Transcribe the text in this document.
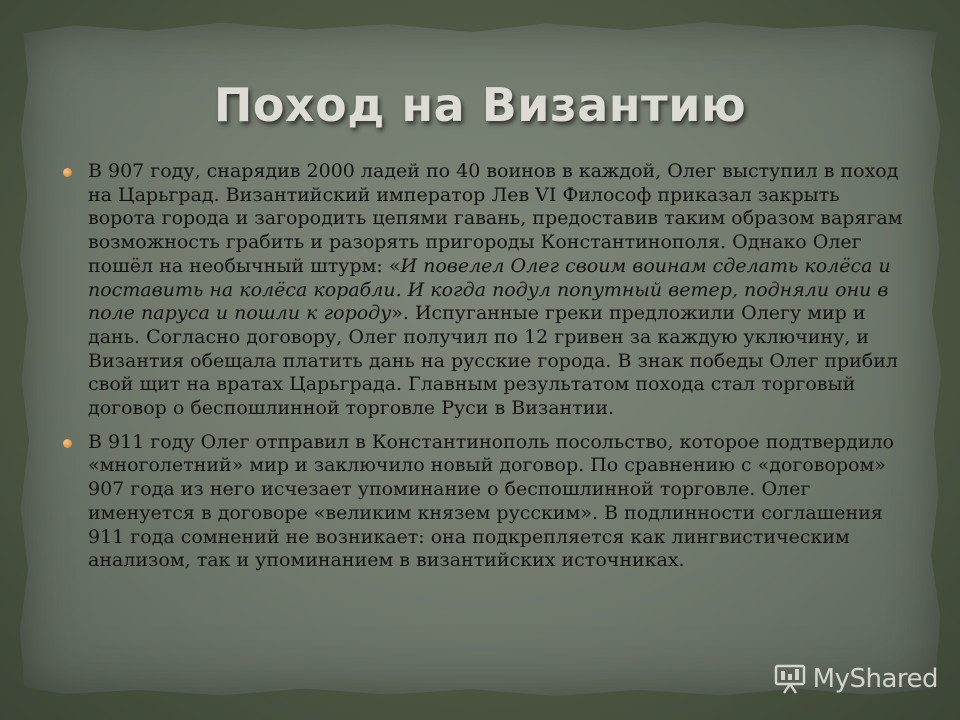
Поход на Византию
В 907 году, снарядив 2000 ладей по 40 воинов в каждой, Олег выступил в поход на Царьград. Византийский император Лев VI Философ приказал закрыть ворота города и загородить цепями гавань, предоставив таким образом варягам возможность грабить и разорять пригороды Константинополя. Однако Олег пошёл на необычный штурм: «И повелел Олег своим воинам сделать колёса и поставить на колёса корабли. И когда подул попутный ветер, подняли они в поле паруса и пошли к городу». Испуганные греки предложили Олегу мир и дань. Согласно договору, Олег получил по 12 гривен за каждую уключину, и Византия обещала платить дань на русские города. В знак победы Олег прибил свой щит на вратах Царьграда. Главным результатом похода стал торговый договор о беспошлинной торговле Руси в Византии.
В 911 году Олег отправил в Константинополь посольство, которое подтвердило «многолетний» мир и заключило новый договор. По сравнению с «договором» 907 года из него исчезает упоминание о беспошлинной торговле. Олег именуется в договоре «великим князем русским». В подлинности соглашения 911 года сомнений не возникает: она подкрепляется как лингвистическим анализом, так и упоминанием в византийских источниках.
MyShared
